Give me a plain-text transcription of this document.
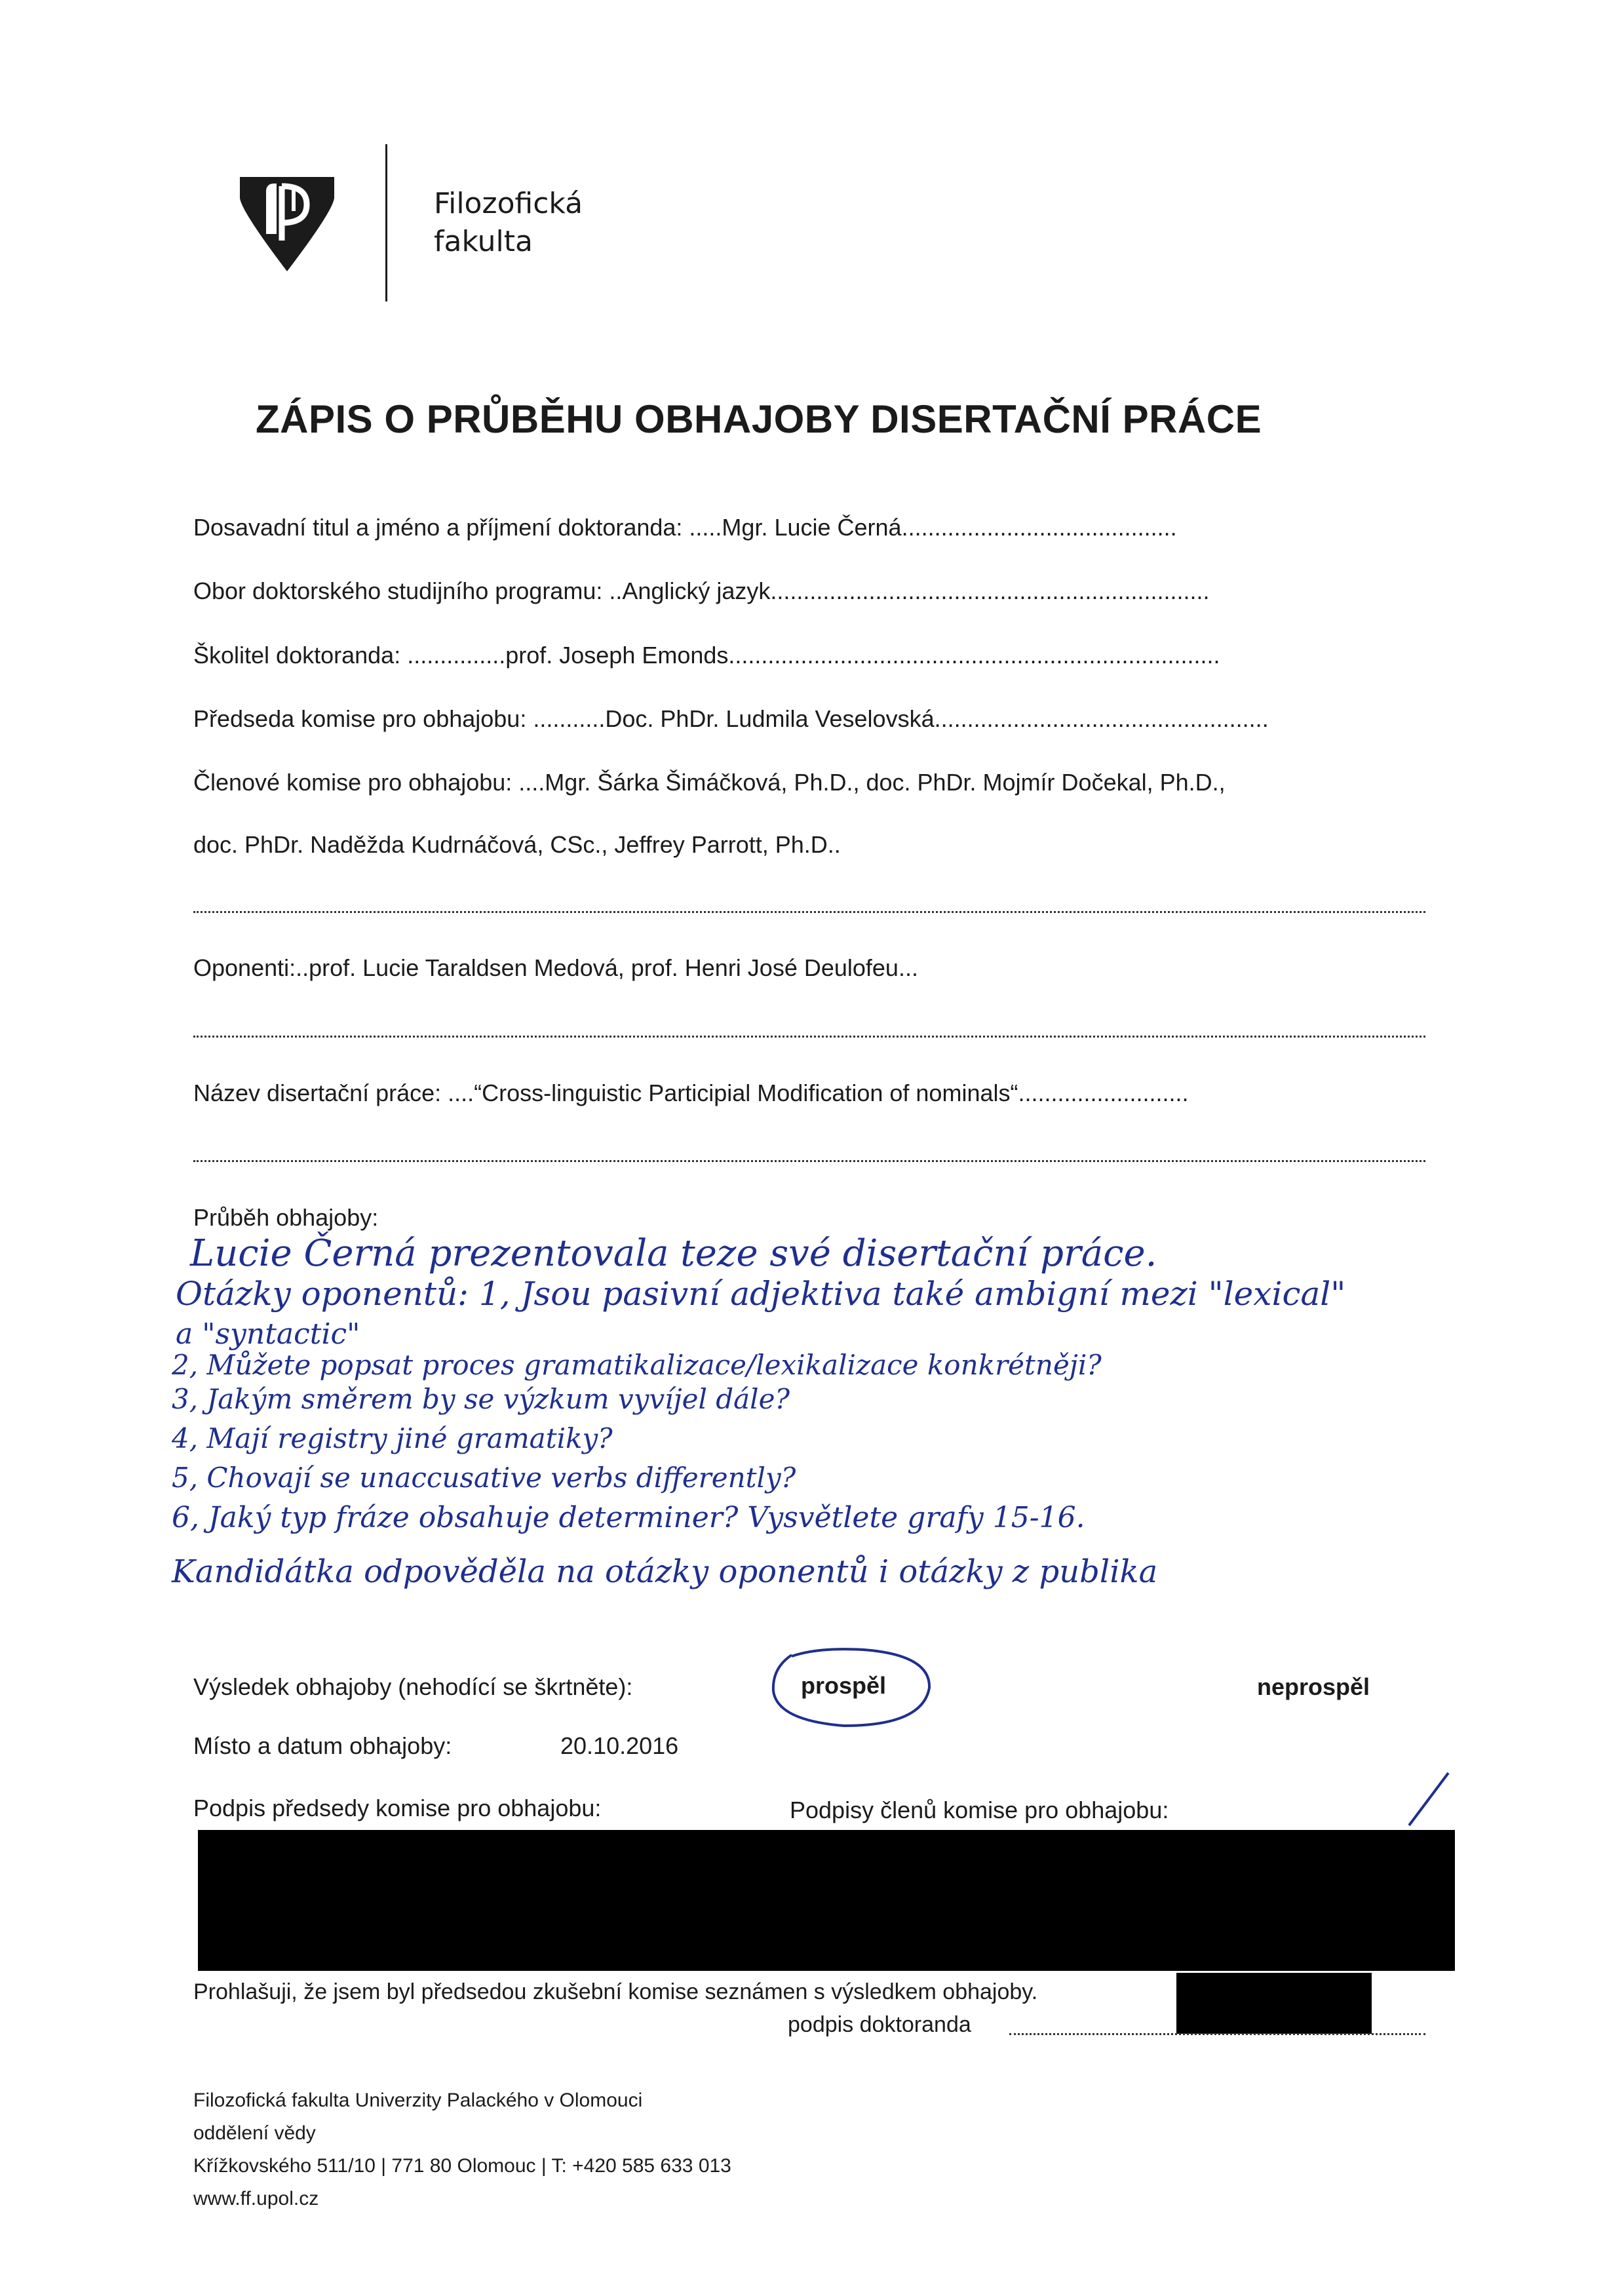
Filozofická
fakulta
ZÁPIS O PRŮBĚHU OBHAJOBY DISERTAČNÍ PRÁCE
Dosavadní titul a jméno a příjmení doktoranda: .....Mgr. Lucie Černá..........................................
Obor doktorského studijního programu: ..Anglický jazyk...................................................................
Školitel doktoranda: ...............prof. Joseph Emonds...........................................................................
Předseda komise pro obhajobu: ...........Doc. PhDr. Ludmila Veselovská...................................................
Členové komise pro obhajobu: ....Mgr. Šárka Šimáčková, Ph.D., doc. PhDr. Mojmír Dočekal, Ph.D.,
doc. PhDr. Naděžda Kudrnáčová, CSc., Jeffrey Parrott, Ph.D..
Oponenti:..prof. Lucie Taraldsen Medová, prof. Henri José Deulofeu...
Název disertační práce: ....“Cross-linguistic Participial Modification of nominals“..........................
Průběh obhajoby:
Lucie Černá prezentovala teze své disertační práce.
Otázky oponentů: 1, Jsou pasivní adjektiva také ambigní mezi "lexical"
a "syntactic"
2, Můžete popsat proces gramatikalizace/lexikalizace konkrétněji?
3, Jakým směrem by se výzkum vyvíjel dále?
4, Mají registry jiné gramatiky?
5, Chovají se unaccusative verbs differently?
6, Jaký typ fráze obsahuje determiner? Vysvětlete grafy 15-16.
Kandidátka odpověděla na otázky oponentů i otázky z publika
Výsledek obhajoby (nehodící se škrtněte):	prospěl	neprospěl
Místo a datum obhajoby:	20.10.2016
Podpis předsedy komise pro obhajobu:	Podpisy členů komise pro obhajobu:
Prohlašuji, že jsem byl předsedou zkušební komise seznámen s výsledkem obhajoby.
podpis doktoranda
Filozofická fakulta Univerzity Palackého v Olomouci
oddělení vědy
Křížkovského 511/10 | 771 80 Olomouc | T: +420 585 633 013
www.ff.upol.cz
